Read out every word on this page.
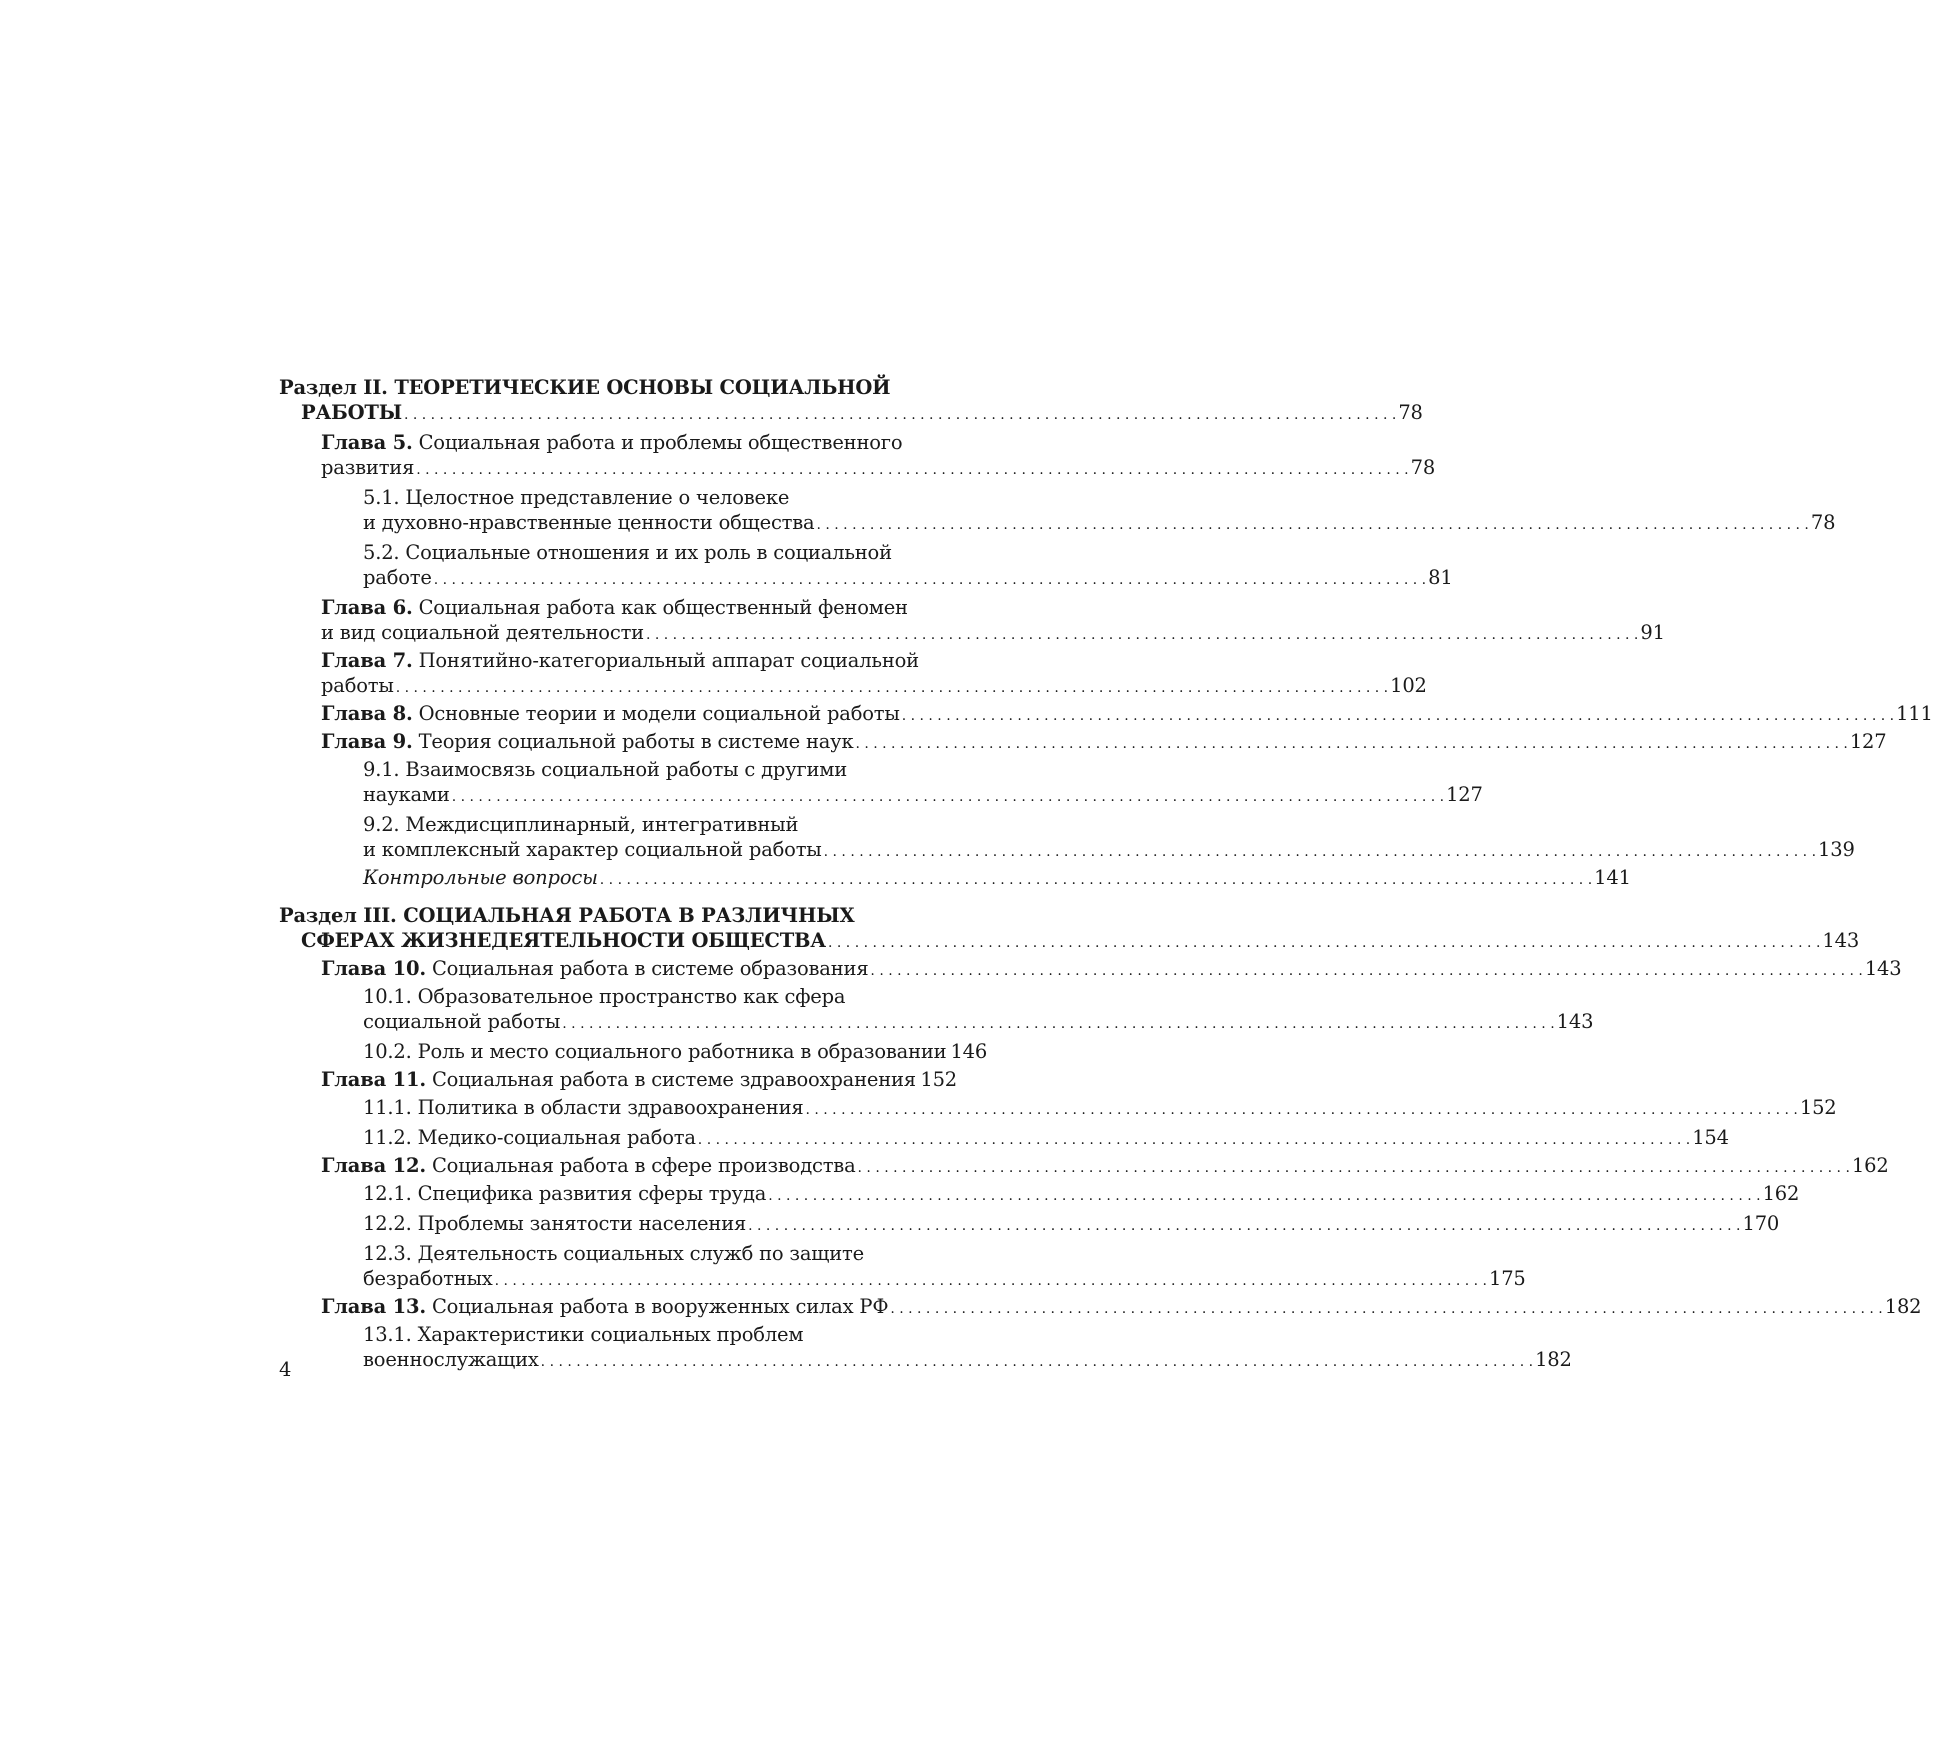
Раздел II. ТЕОРЕТИЧЕСКИЕ ОСНОВЫ СОЦИАЛЬНОЙ
РАБОТЫ . . .	78
Глава 5. Социальная работа и проблемы общественного
развития . . .	78
5.1. Целостное представление о человеке
и духовно-нравственные ценности общества . . .	78
5.2. Социальные отношения и их роль в социальной
работе . . .	81
Глава 6. Социальная работа как общественный феномен
и вид социальной деятельности . . .	91
Глава 7. Понятийно-категориальный аппарат социальной
работы . . .	102
Глава 8. Основные теории и модели социальной работы . . .	111
Глава 9. Теория социальной работы в системе наук . . .	127
9.1. Взаимосвязь социальной работы с другими
науками . . .	127
9.2. Междисциплинарный, интегративный
и комплексный характер социальной работы . . .	139
Контрольные вопросы . . .	141
Раздел III. СОЦИАЛЬНАЯ РАБОТА В РАЗЛИЧНЫХ
СФЕРАХ ЖИЗНЕДЕЯТЕЛЬНОСТИ ОБЩЕСТВА . . .	143
Глава 10. Социальная работа в системе образования . . .	143
10.1. Образовательное пространство как сфера
социальной работы . . .	143
10.2. Роль и место социального работника в образовании 146
Глава 11. Социальная работа в системе здравоохранения . . . 152
11.1. Политика в области здравоохранения . . .	152
11.2. Медико-социальная работа . . .	154
Глава 12. Социальная работа в сфере производства . . .	162
12.1. Специфика развития сферы труда . . .	162
12.2. Проблемы занятости населения . . .	170
12.3. Деятельность социальных служб по защите
безработных . . .	175
Глава 13. Социальная работа в вооруженных силах РФ . . .	182
13.1. Характеристики социальных проблем
военнослужащих . . .	182
4
